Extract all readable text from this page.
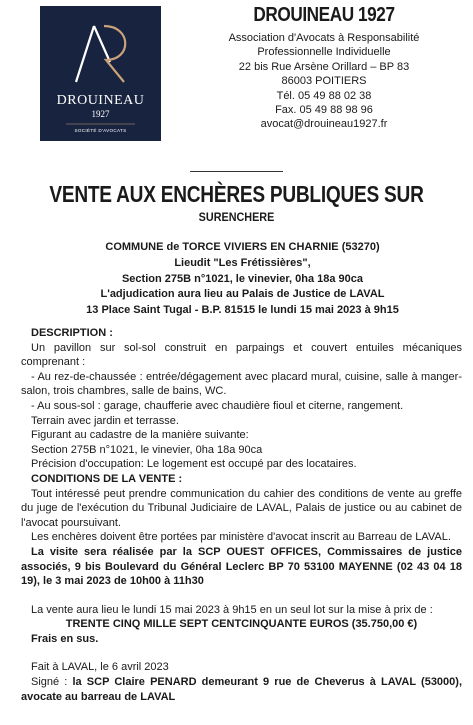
DROUINEAU
1927
SOCIÉTÉ D'AVOCATS
DROUINEAU 1927
Association d'Avocats à Responsabilité
Professionnelle Individuelle
22 bis Rue Arsène Orillard – BP 83
86003 POITIERS
Tél. 05 49 88 02 38
Fax. 05 49 88 98 96
avocat@drouineau1927.fr
VENTE AUX ENCHÈRES PUBLIQUES SUR
SURENCHERE
COMMUNE de TORCE VIVIERS EN CHARNIE (53270)
Lieudit "Les Frétissières",
Section 275B n°1021, le vinevier, 0ha 18a 90ca
L'adjudication aura lieu au Palais de Justice de LAVAL
13 Place Saint Tugal - B.P. 81515 le lundi 15 mai 2023 à 9h15

DESCRIPTION :

Un pavillon sur sol-sol construit en parpaings et couvert entuiles mécaniques comprenant :

- Au rez-de-chaussée : entrée/dégagement avec placard mural, cuisine, salle à manger-salon, trois chambres, salle de bains, WC.

- Au sous-sol : garage, chaufferie avec chaudière fioul et citerne, rangement.

Terrain avec jardin et terrasse.

Figurant au cadastre de la manière suivante:

Section 275B n°1021, le vinevier, 0ha 18a 90ca

Précision d'occupation: Le logement est occupé par des locataires.

CONDITIONS DE LA VENTE :

Tout intéressé peut prendre communication du cahier des conditions de vente au greffe du juge de l'exécution du Tribunal Judiciaire de LAVAL, Palais de justice ou au cabinet de l'avocat poursuivant.

Les enchères doivent être portées par ministère d'avocat inscrit au Barreau de LAVAL.

La visite sera réalisée par la SCP OUEST OFFICES, Commissaires de justice associés, 9 bis Boulevard du Général Leclerc BP 70 53100 MAYENNE (02 43 04 18 19), le 3 mai 2023 de 10h00 à 11h30

La vente aura lieu le lundi 15 mai 2023 à 9h15 en un seul lot sur la mise à prix de :

TRENTE CINQ MILLE SEPT CENTCINQUANTE EUROS (35.750,00 €)

Frais en sus.

Fait à LAVAL, le 6 avril 2023

Signé : la SCP Claire PENARD demeurant 9 rue de Cheverus à LAVAL (53000), avocate au barreau de LAVAL
